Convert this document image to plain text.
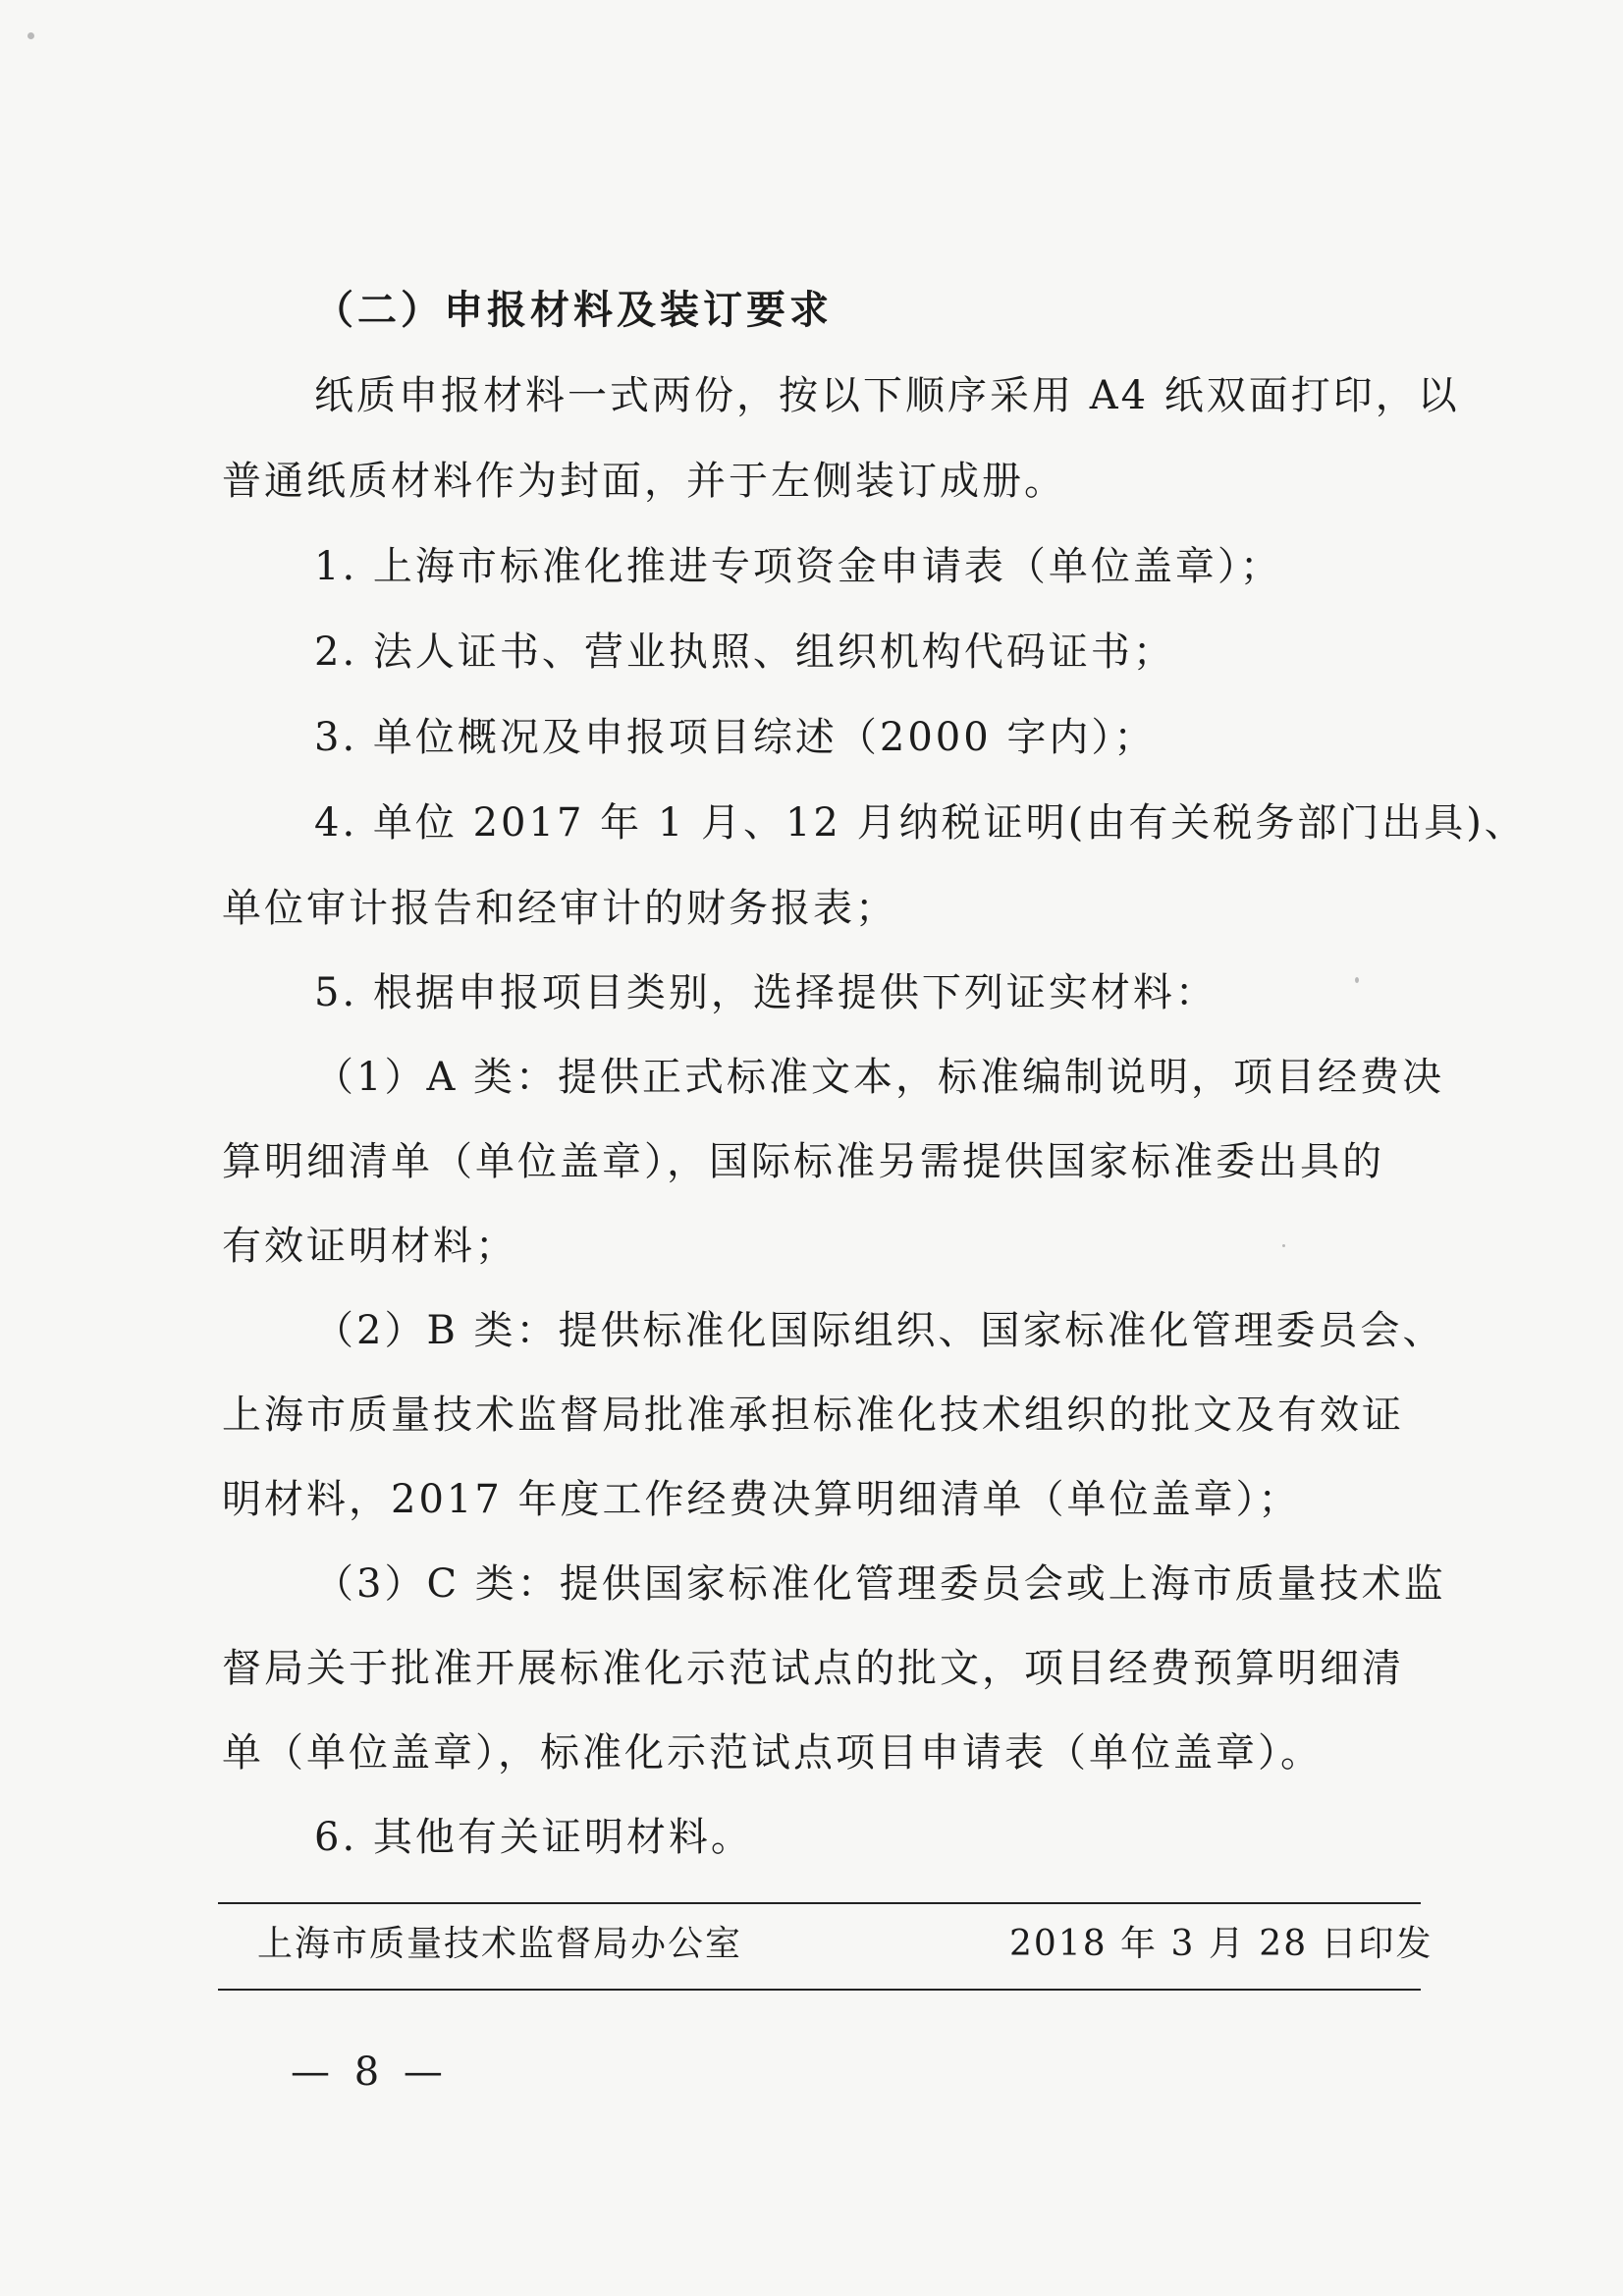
（二）申报材料及装订要求
纸质申报材料一式两份，按以下顺序采用 A4 纸双面打印，以
普通纸质材料作为封面，并于左侧装订成册。
1. 上海市标准化推进专项资金申请表（单位盖章）；
2. 法人证书、营业执照、组织机构代码证书；
3. 单位概况及申报项目综述（2000 字内）；
4. 单位 2017 年 1 月、12 月纳税证明(由有关税务部门出具)、
单位审计报告和经审计的财务报表；
5. 根据申报项目类别，选择提供下列证实材料：
（1）A 类：提供正式标准文本，标准编制说明，项目经费决
算明细清单（单位盖章），国际标准另需提供国家标准委出具的
有效证明材料；
（2）B 类：提供标准化国际组织、国家标准化管理委员会、
上海市质量技术监督局批准承担标准化技术组织的批文及有效证
明材料，2017 年度工作经费决算明细清单（单位盖章）；
（3）C 类：提供国家标准化管理委员会或上海市质量技术监
督局关于批准开展标准化示范试点的批文，项目经费预算明细清
单（单位盖章），标准化示范试点项目申请表（单位盖章）。
6. 其他有关证明材料。
上海市质量技术监督局办公室	2018 年 3 月 28 日印发
— 8 —
